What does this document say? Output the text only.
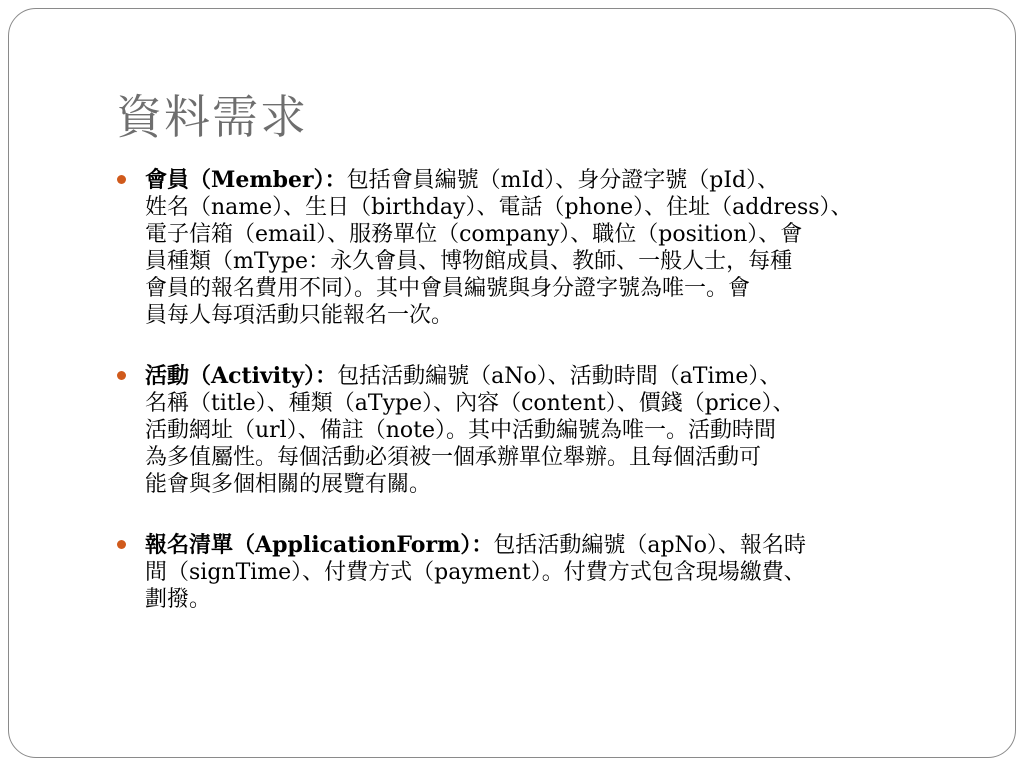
資料需求
會員（Member）：包括會員編號（mId）、身分證字號（pId）、
姓名（name）、生日（birthday）、電話（phone）、住址（address）、
電子信箱（email）、服務單位（company）、職位（position）、會
員種類（mType：永久會員、博物館成員、教師、一般人士，每種
會員的報名費用不同）。其中會員編號與身分證字號為唯一。會
員每人每項活動只能報名一次。
活動（Activity）：包括活動編號（aNo）、活動時間（aTime）、
名稱（title）、種類（aType）、內容（content）、價錢（price）、
活動網址（url）、備註（note）。其中活動編號為唯一。活動時間
為多值屬性。每個活動必須被一個承辦單位舉辦。且每個活動可
能會與多個相關的展覽有關。
報名清單（ApplicationForm）：包括活動編號（apNo）、報名時
間（signTime）、付費方式（payment）。付費方式包含現場繳費、
劃撥。
